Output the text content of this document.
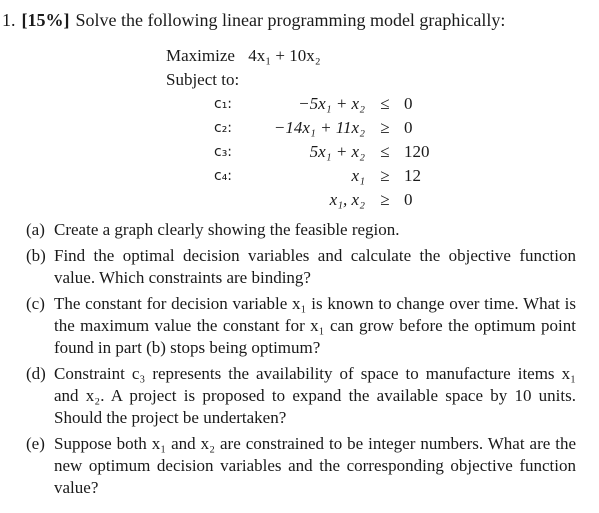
1. [15%] Solve the following linear programming model graphically:
Maximize 4x₁ + 10x₂
Subject to:
c₁:	−5x₁ + x₂ ≤ 0
c₂:	−14x₁ + 11x₂ ≥ 0
c₃:	5x₁ + x₂ ≤ 120
c₄:	x₁ ≥ 12
x₁, x₂ ≥ 0
(a) Create a graph clearly showing the feasible region.
(b) Find the optimal decision variables and calculate the objective function value. Which constraints are binding?
(c) The constant for decision variable x₁ is known to change over time. What is the maximum value the constant for x₁ can grow before the optimum point found in part (b) stops being optimum?
(d) Constraint c₃ represents the availability of space to manufacture items x₁ and x₂. A project is proposed to expand the available space by 10 units. Should the project be undertaken?
(e) Suppose both x₁ and x₂ are constrained to be integer numbers. What are the new optimum decision variables and the corresponding objective function value?
